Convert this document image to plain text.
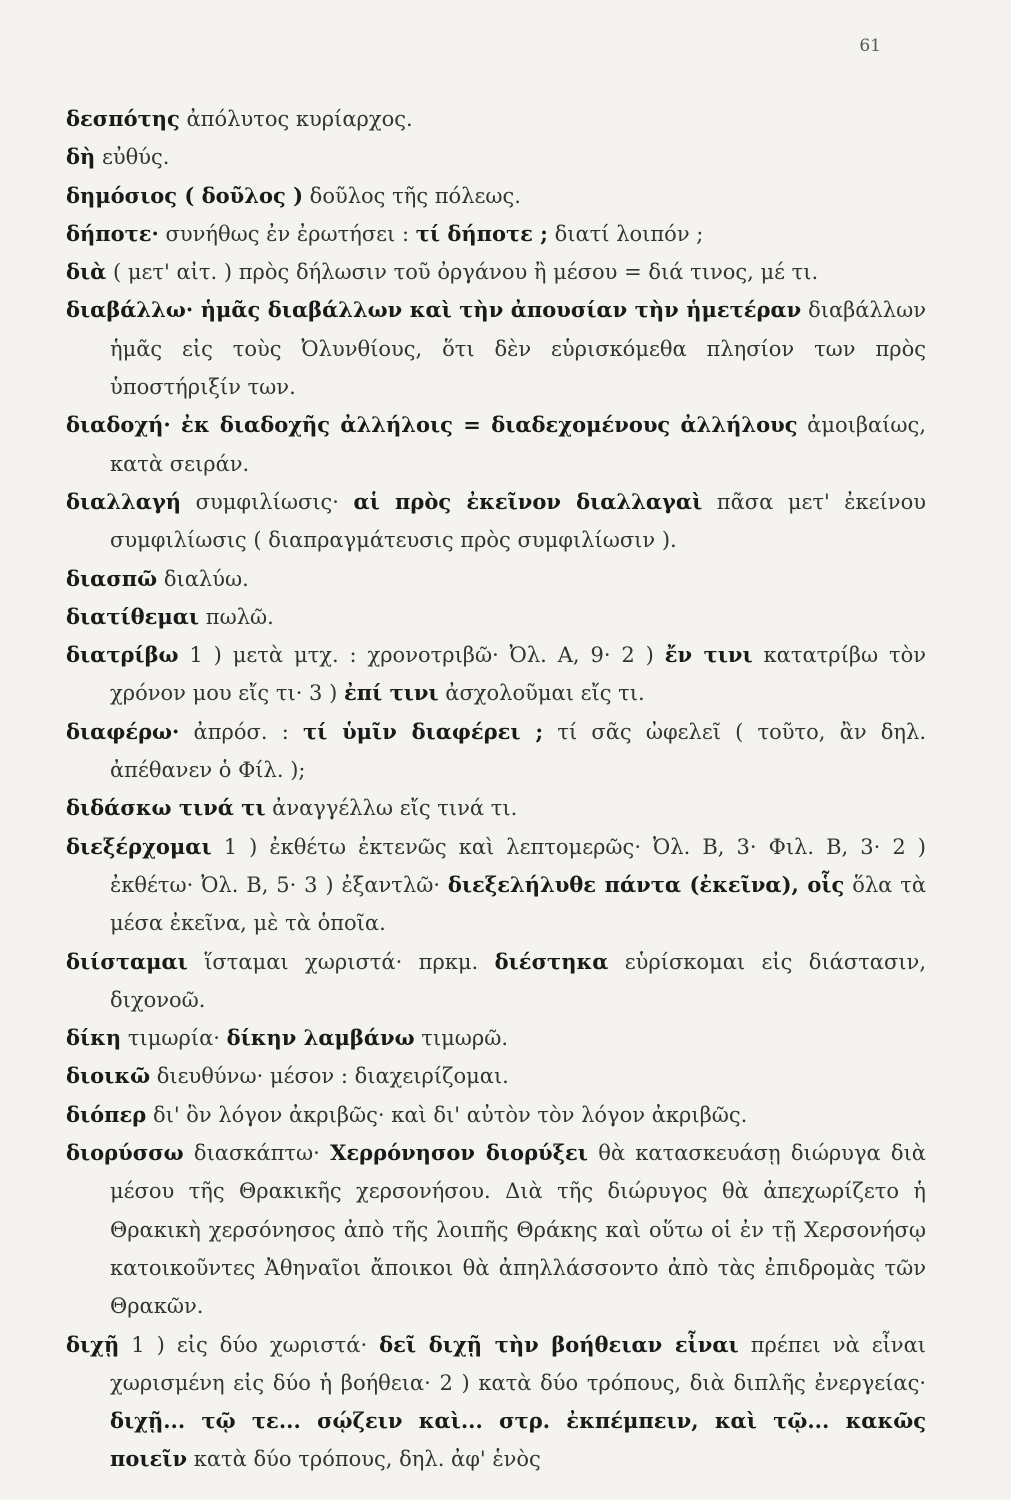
61
δεσπότης ἀπόλυτος κυρίαρχος.
δὴ εὐθύς.
δημόσιος ( δοῦλος ) δοῦλος τῆς πόλεως.
δήποτε· συνήθως ἐν ἐρωτήσει : τί δήποτε ; διατί λοιπόν ;
διὰ ( μετ' αἰτ. ) πρὸς δήλωσιν τοῦ ὀργάνου ἢ μέσου = διά τινος, μέ τι.
διαβάλλω· ἡμᾶς διαβάλλων καὶ τὴν ἀπουσίαν τὴν ἡμετέραν διαβάλλων ἡμᾶς εἰς τοὺς Ὀλυνθίους, ὅτι δὲν εὑρισκόμεθα πλησίον των πρὸς ὑποστήριξίν των.
διαδοχή· ἐκ διαδοχῆς ἀλλήλοις = διαδεχομένους ἀλλήλους ἀμοιβαίως, κατὰ σειράν.
διαλλαγή συμφιλίωσις· αἱ πρὸς ἐκεῖνον διαλλαγαὶ πᾶσα μετ' ἐκείνου συμφιλίωσις ( διαπραγμάτευσις πρὸς συμφιλίωσιν ).
διασπῶ διαλύω.
διατίθεμαι πωλῶ.
διατρίβω 1 ) μετὰ μτχ. : χρονοτριβῶ· Ὀλ. Α, 9· 2 ) ἔν τινι κατατρίβω τὸν χρόνον μου εἴς τι· 3 ) ἐπί τινι ἀσχολοῦμαι εἴς τι.
διαφέρω· ἀπρόσ. : τί ὑμῖν διαφέρει ; τί σᾶς ὠφελεῖ ( τοῦτο, ἂν δηλ. ἀπέθανεν ὁ Φίλ. );
διδάσκω τινά τι ἀναγγέλλω εἴς τινά τι.
διεξέρχομαι 1 ) ἐκθέτω ἐκτενῶς καὶ λεπτομερῶς· Ὀλ. Β, 3· Φιλ. Β, 3· 2 ) ἐκθέτω· Ὀλ. Β, 5· 3 ) ἐξαντλῶ· διεξελήλυθε πάντα (ἐκεῖνα), οἷς ὅλα τὰ μέσα ἐκεῖνα, μὲ τὰ ὁποῖα.
διίσταμαι ἵσταμαι χωριστά· πρκμ. διέστηκα εὑρίσκομαι εἰς διάστασιν, διχονοῶ.
δίκη τιμωρία· δίκην λαμβάνω τιμωρῶ.
διοικῶ διευθύνω· μέσον : διαχειρίζομαι.
διόπερ δι' ὃν λόγον ἀκριβῶς· καὶ δι' αὐτὸν τὸν λόγον ἀκριβῶς.
διορύσσω διασκάπτω· Χερρόνησον διορύξει θὰ κατασκευάσῃ διώρυγα διὰ μέσου τῆς Θρακικῆς χερσονήσου. Διὰ τῆς διώρυγος θὰ ἀπεχωρίζετο ἡ Θρακικὴ χερσόνησος ἀπὸ τῆς λοιπῆς Θράκης καὶ οὕτω οἱ ἐν τῇ Χερσονήσῳ κατοικοῦντες Ἀθηναῖοι ἄποικοι θὰ ἀπηλλάσσοντο ἀπὸ τὰς ἐπιδρομὰς τῶν Θρακῶν.
διχῇ 1 ) εἰς δύο χωριστά· δεῖ διχῇ τὴν βοήθειαν εἶναι πρέπει νὰ εἶναι χωρισμένη εἰς δύο ἡ βοήθεια· 2 ) κατὰ δύο τρόπους, διὰ διπλῆς ἐνεργείας· διχῇ... τῷ τε... σῴζειν καὶ... στρ. ἐκπέμπειν, καὶ τῷ... κακῶς ποιεῖν κατὰ δύο τρόπους, δηλ. ἀφ' ἑνὸς
